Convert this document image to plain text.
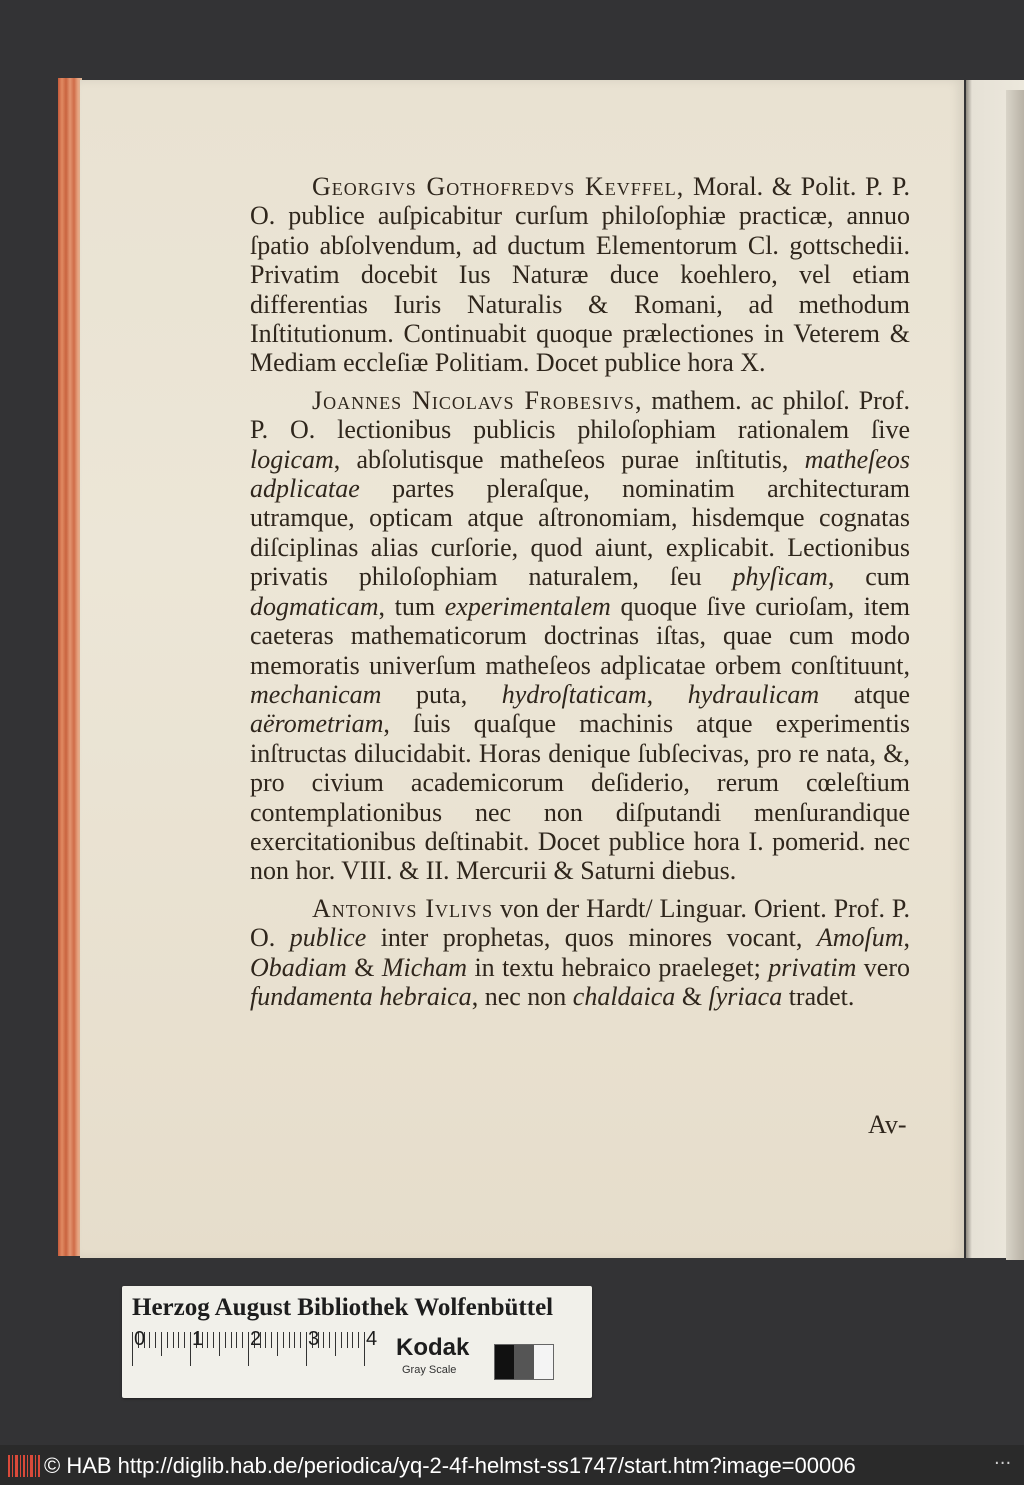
Georgivs Gothofredvs Kevffel, Moral. & Polit. P. P. O. publice auſpicabitur curſum philoſophiæ practicæ, annuo ſpatio abſolvendum, ad ductum Elementorum Cl. gottschedii. Privatim docebit Ius Naturæ duce koehlero, vel etiam differentias Iuris Naturalis & Romani, ad methodum Inſtitutionum. Continuabit quoque prælectiones in Veterem & Mediam eccleſiæ Politiam. Docet publice hora X.

Joannes Nicolavs Frobesivs, mathem. ac philoſ. Prof. P. O. lectionibus publicis philoſophiam rationalem ſive logicam, abſolutisque matheſeos purae inſtitutis, matheſeos adplicatae partes pleraſque, nominatim architecturam utramque, opticam atque aſtronomiam, hisdemque cognatas diſciplinas alias curſorie, quod aiunt, explicabit. Lectionibus privatis philoſophiam naturalem, ſeu phyſicam, cum dogmaticam, tum experimentalem quoque ſive curioſam, item caeteras mathematicorum doctrinas iſtas, quae cum modo memoratis univerſum matheſeos adplicatae orbem conſtituunt, mechanicam puta, hydroſtaticam, hydraulicam atque aërometriam, ſuis quaſque machinis atque experimentis inſtructas dilucidabit. Horas denique ſubſecivas, pro re nata, &, pro civium academicorum deſiderio, rerum cœleſtium contemplationibus nec non diſputandi menſurandique exercitationibus deſtinabit. Docet publice hora I. pomerid. nec non hor. VIII. & II. Mercurii & Saturni diebus.

Antonivs Ivlivs von der Hardt/ Linguar. Orient. Prof. P. O. publice inter prophetas, quos minores vocant, Amoſum, Obadiam & Micham in textu hebraico praeleget; privatim vero fundamenta hebraica, nec non chaldaica & ſyriaca tradet.

Av-
Herzog August Bibliothek Wolfenbüttel
0 1 2 3 4 Kodak
Gray Scale
© HAB http://diglib.hab.de/periodica/yq-2-4f-helmst-ss1747/start.htm?image=00006	···
